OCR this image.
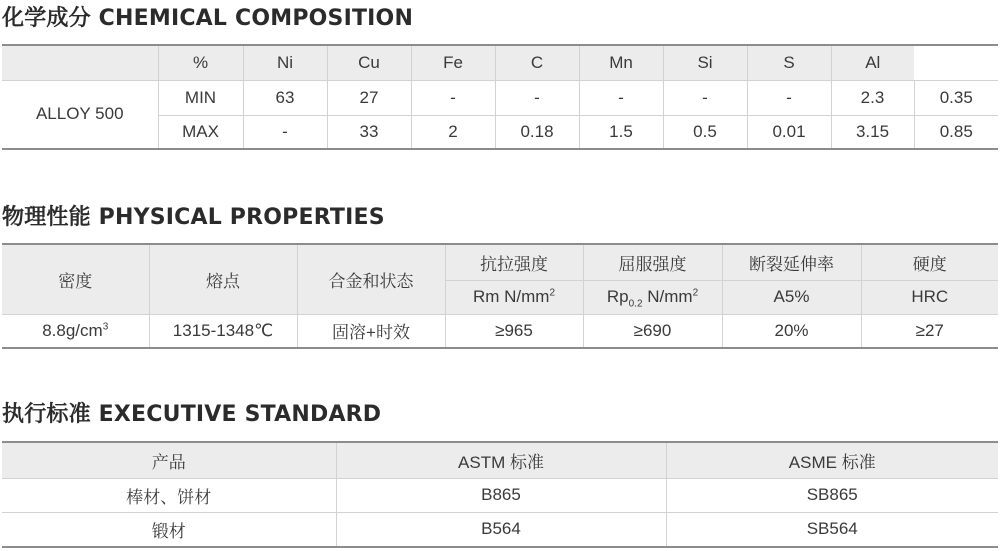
化学成分 CHEMICAL COMPOSITION
	%	Ni	Cu	Fe	C	Mn	Si	S	Al	
ALLOY 500	MIN	63	27	-	-	-	-	-	2.3	0.35
	MAX	-	33	2	0.18	1.5	0.5	0.01	3.15	0.85
物理性能 PHYSICAL PROPERTIES
密度	熔点	合金和状态	抗拉强度	屈服强度	断裂延伸率	硬度
			Rm $N/mm^2$	$Rp_{0.2}$ $N/mm^2$	A5%	HRC
$8.8g/cm^3$	1315-1348℃	固溶+时效	≥965	≥690	20%	≥27
执行标准 EXECUTIVE STANDARD
产品	ASTM 标准	ASME 标准
棒材、饼材	B865	SB865
锻材	B564	SB564
